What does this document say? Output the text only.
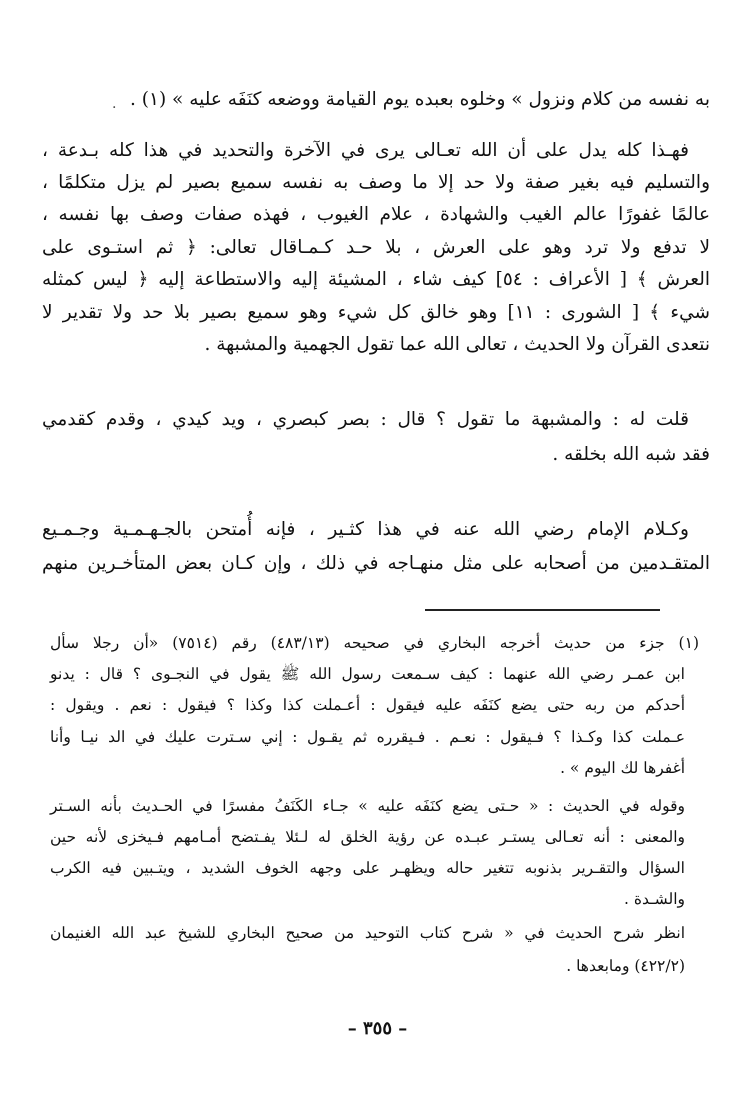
. به نفسه من كلام ونزول » وخلوه بعبده يوم القيامة ووضعه كنَفَه عليه » (١) .
فهـذا كله يدل على أن الله تعـالى يرى في الآخرة والتحديد في هذا كله بـدعة ،
والتسليم فيه بغير صفة ولا حد إلا ما وصف به نفسه سميع بصير لم يزل متكلمًا ،
عالمًا غفورًا عالم الغيب والشهادة ، علام الغيوب ، فهذه صفات وصف بها نفسه ،
لا تدفع ولا ترد وهو على العرش ، بلا حـد كـمـاقال تعالى: ﴿ ثم استـوى على
العرش ﴾ [ الأعراف : ٥٤] كيف شاء ، المشيئة إليه والاستطاعة إليه ﴿ ليس كمثله
شيء ﴾ [ الشورى : ١١] وهو خالق كل شيء وهو سميع بصير بلا حد ولا تقدير لا
نتعدى القرآن ولا الحديث ، تعالى الله عما تقول الجهمية والمشبهة .
قلت له : والمشبهة ما تقول ؟ قال : بصر كبصري ، ويد كيدي ، وقدم كقدمي
فقد شبه الله بخلقه .
وكـلام الإمام رضي الله عنه في هذا كثـير ، فإنه أُمتحن بالجـهـمـية وجـمـيع
المتقـدمين من أصحابه على مثل منهـاجه في ذلك ، وإن كـان بعض المتأخـرين منهم
(١) جزء من حديث أخرجه البخاري في صحيحه (٤٨٣/١٣) رقم (٧٥١٤) «أن رجلا سأل
ابن عمـر رضي الله عنهما : كيف سـمعت رسول الله ﷺ يقول في النجـوى ؟ قال : يدنو
أحدكم من ربه حتى يضع كنَفَه عليه فيقول : أعـملت كذا وكذا ؟ فيقول : نعم . ويقول :
عـملت كذا وكـذا ؟ فـيقول : نعـم . فـيقرره ثم يقـول : إني سـترت عليك في الد نيـا وأنا
أغفرها لك اليوم » .
وقوله في الحديث : « حـتى يضع كنَفَه عليه » جـاء الكَنَفُ مفسرًا في الحـديث بأنه السـتر
والمعنى : أنه تعـالى يستـر عبـده عن رؤية الخلق له لـئلا يفـتضح أمـامهم فـيخزى لأنه حين
السؤال والتقـرير بذنوبه تتغير حاله ويظهـر على وجهه الخوف الشديد ، ويتـبين فيه الكرب
والشـدة .
انظر شرح الحديث في « شرح كتاب التوحيد من صحيح البخاري للشيخ عبد الله الغنيمان
(٤٢٢/٢) ومابعدها .
– ٣٥٥ –
